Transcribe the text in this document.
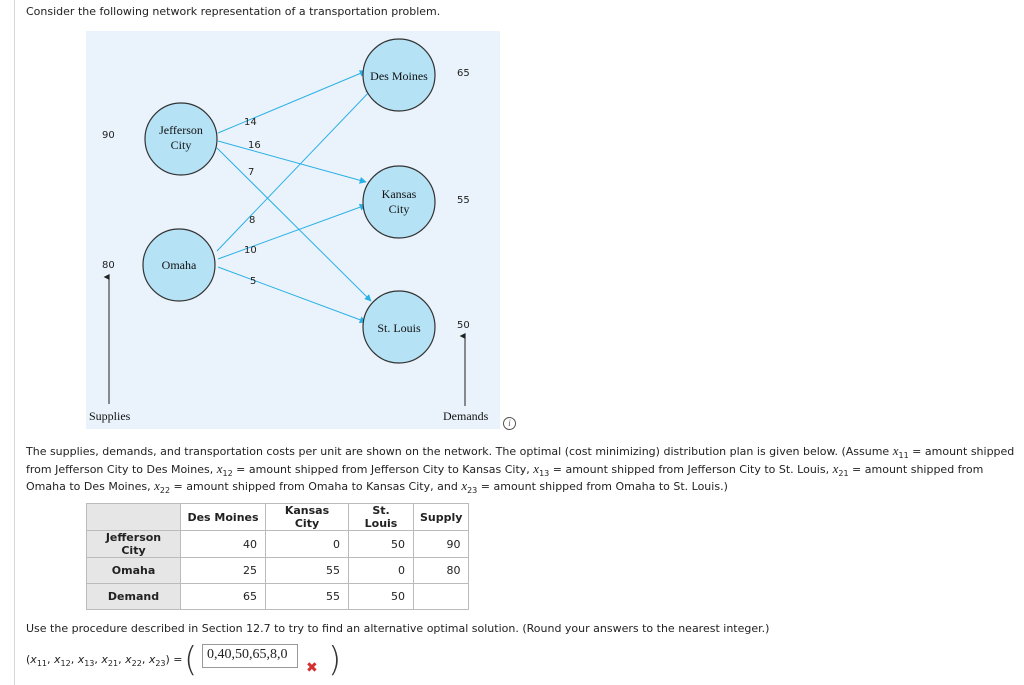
Consider the following network representation of a transportation problem.
14
16
7
8
10
5
Jefferson
City
Omaha
Des Moines
Kansas
City
St. Louis
90
80
65
55
50
Supplies	Demands	i
The supplies, demands, and transportation costs per unit are shown on the network. The optimal (cost minimizing) distribution plan is given below. (Assume $x_{11}$ = amount shipped from Jefferson City to Des Moines, $x_{12}$ = amount shipped from Jefferson City to Kansas City, $x_{13}$ = amount shipped from Jefferson City to St. Louis, $x_{21}$ = amount shipped from Omaha to Des Moines, $x_{22}$ = amount shipped from Omaha to Kansas City, and $x_{23}$ = amount shipped from Omaha to St. Louis.)
	Des Moines	Kansas City	St. Louis	Supply
Jefferson City	40	0	50	90
Omaha	25	55	0	80
Demand	65	55	50	
Use the procedure described in Section 12.7 to try to find an alternative optimal solution. (Round your answers to the nearest integer.)
($x_{11}$, $x_{12}$, $x_{13}$, $x_{21}$, $x_{22}$, $x_{23}$) = ( 0,40,50,65,8,0
✖ )
